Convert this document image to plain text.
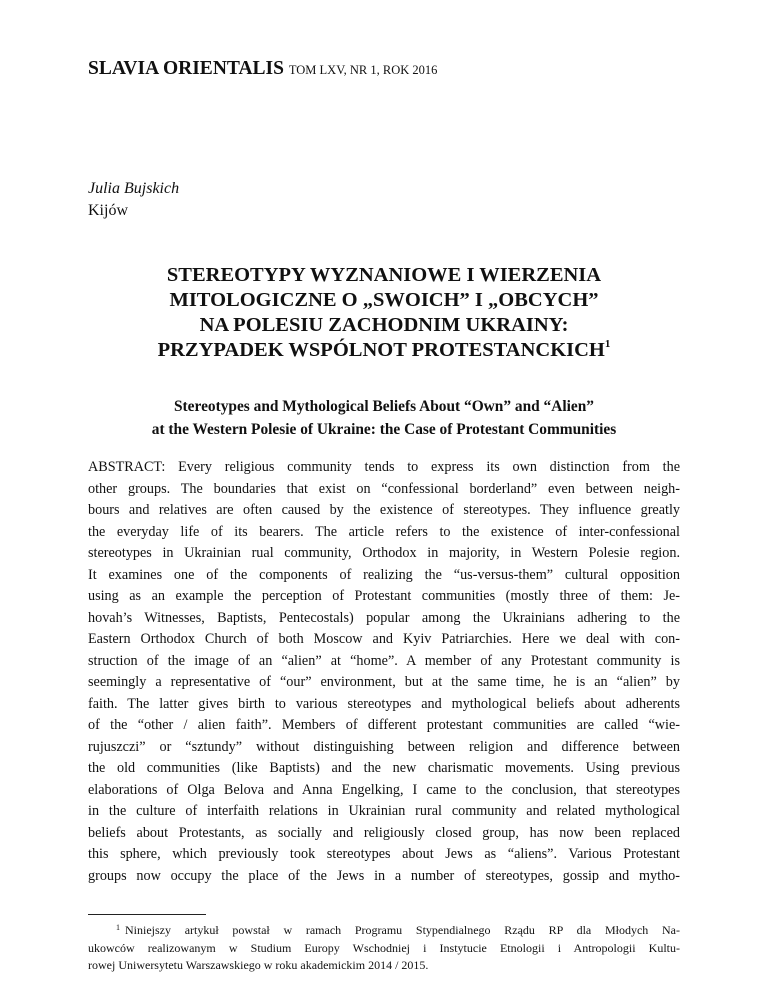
SLAVIA ORIENTALIS TOM LXV, NR 1, ROK 2016
Julia Bujskich
Kijów
STEREOTYPY WYZNANIOWE I WIERZENIA
MITOLOGICZNE O „SWOICH” I „OBCYCH”
NA POLESIU ZACHODNIM UKRAINY:
PRZYPADEK WSPÓLNOT PROTESTANCKICH$^1$
Stereotypes and Mythological Beliefs About “Own” and “Alien”
at the Western Polesie of Ukraine: the Case of Protestant Communities
ABSTRACT: Every religious community tends to express its own distinction from the
other groups. The boundaries that exist on “confessional borderland” even between neigh-
bours and relatives are often caused by the existence of stereotypes. They influence greatly
the everyday life of its bearers. The article refers to the existence of inter-confessional
stereotypes in Ukrainian rual community, Orthodox in majority, in Western Polesie region.
It examines one of the components of realizing the “us-versus-them” cultural opposition
using as an example the perception of Protestant communities (mostly three of them: Je-
hovah’s Witnesses, Baptists, Pentecostals) popular among the Ukrainians adhering to the
Eastern Orthodox Church of both Moscow and Kyiv Patriarchies. Here we deal with con-
struction of the image of an “alien” at “home”. A member of any Protestant community is
seemingly a representative of “our” environment, but at the same time, he is an “alien” by
faith. The latter gives birth to various stereotypes and mythological beliefs about adherents
of the “other / alien faith”. Members of different protestant communities are called “wie-
rujuszczi” or “sztundy” without distinguishing between religion and difference between
the old communities (like Baptists) and the new charismatic movements. Using previous
elaborations of Olga Belova and Anna Engelking, I came to the conclusion, that stereotypes
in the culture of interfaith relations in Ukrainian rural community and related mythological
beliefs about Protestants, as socially and religiously closed group, has now been replaced
this sphere, which previously took stereotypes about Jews as “aliens”. Various Protestant
groups now occupy the place of the Jews in a number of stereotypes, gossip and mytho-
$^1$ Niniejszy artykuł powstał w ramach Programu Stypendialnego Rządu RP dla Młodych Na-
ukowców realizowanym w Studium Europy Wschodniej i Instytucie Etnologii i Antropologii Kultu-
rowej Uniwersytetu Warszawskiego w roku akademickim 2014 / 2015.
